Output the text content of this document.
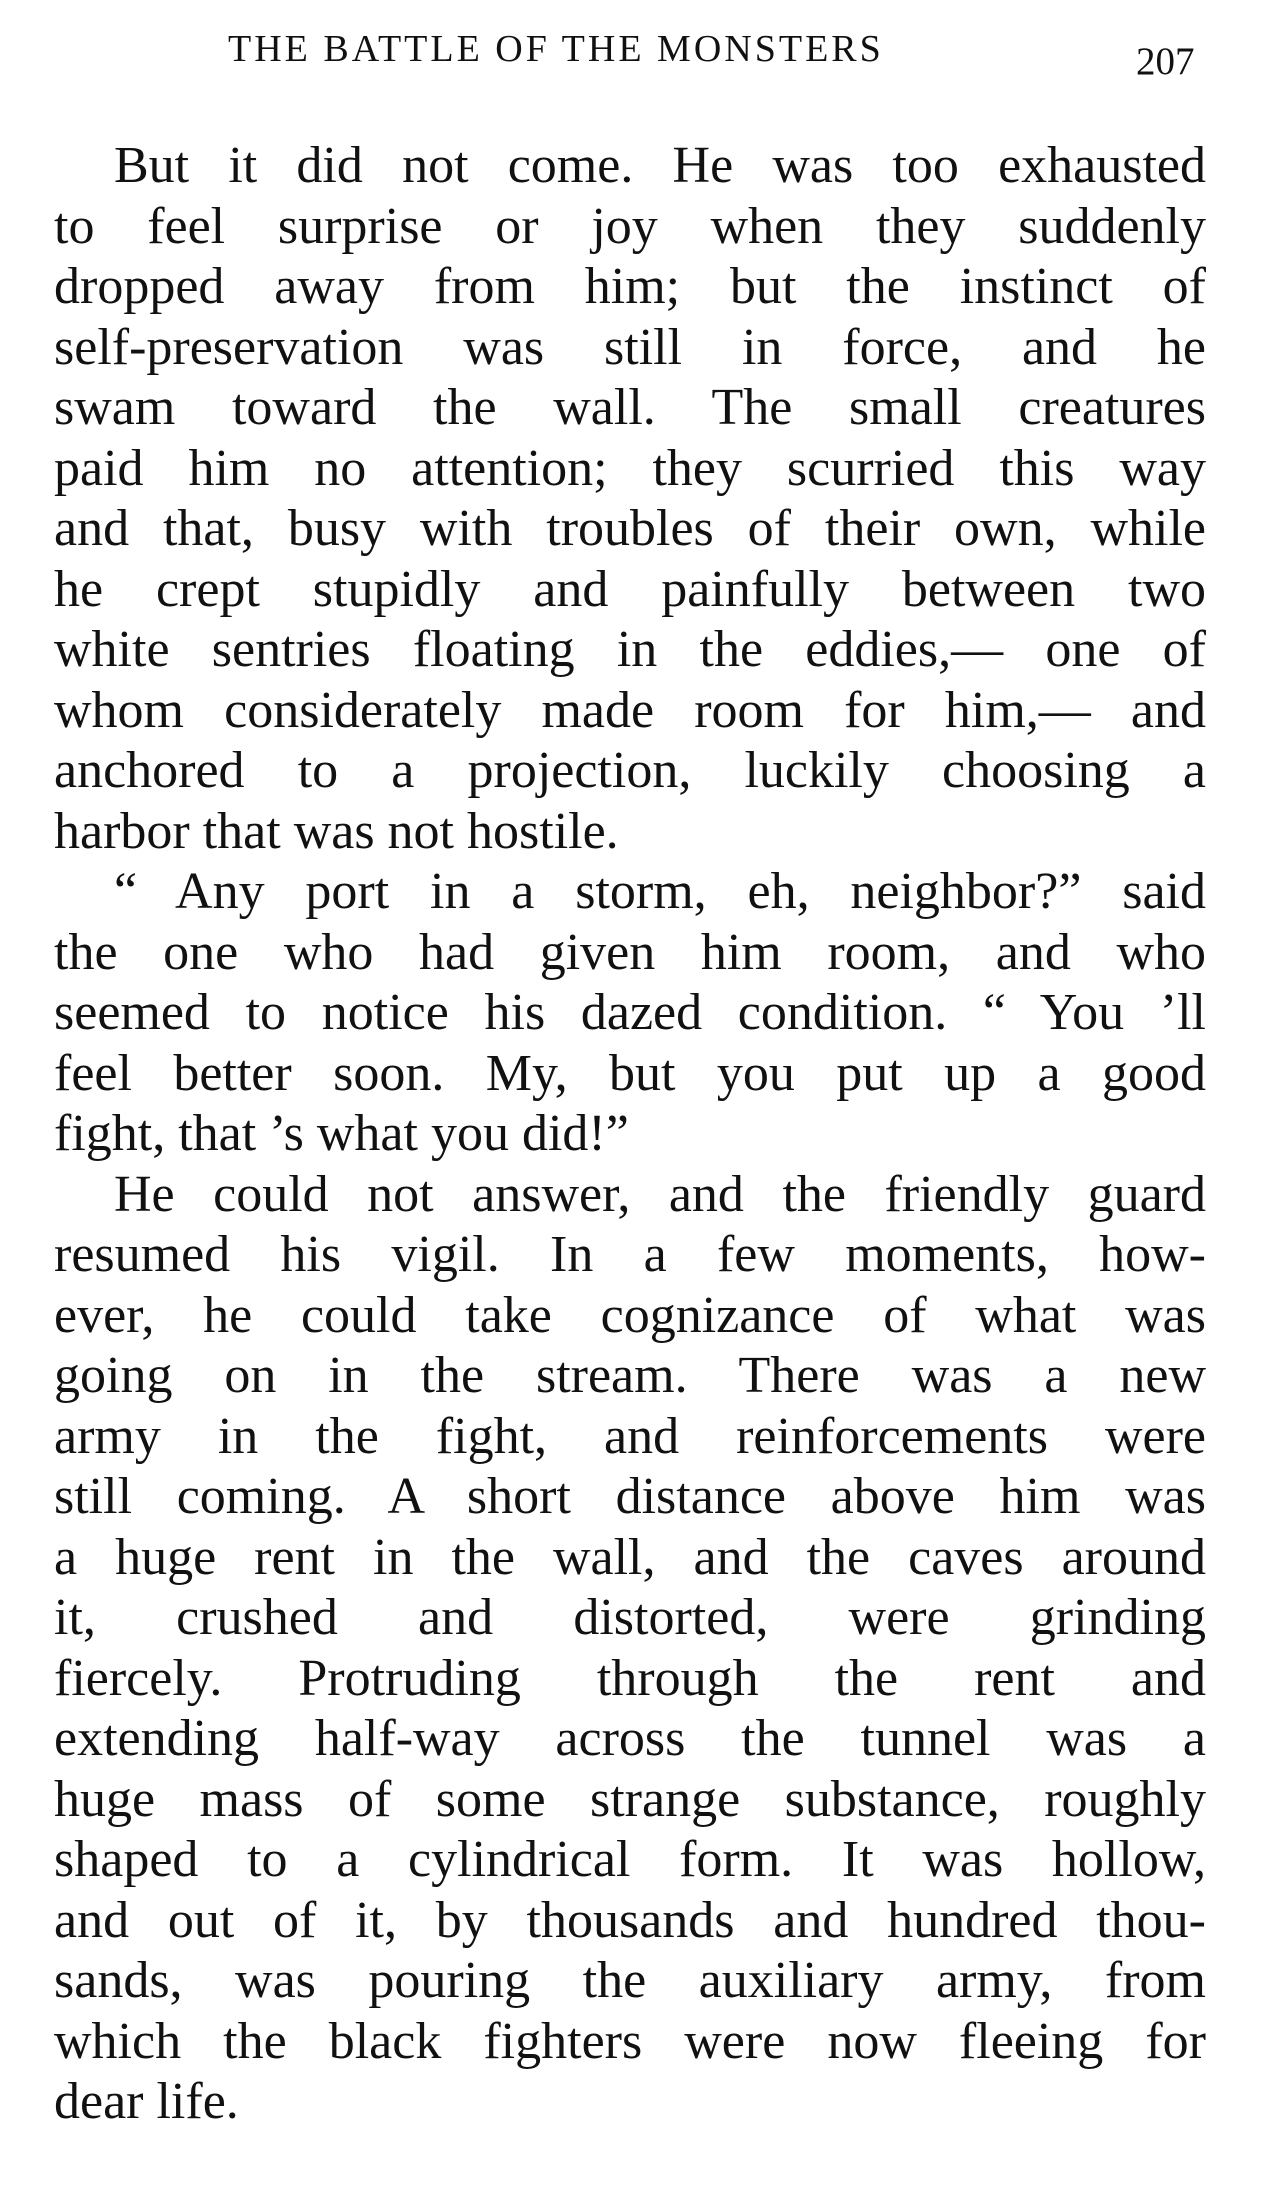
THE BATTLE OF THE MONSTERS	207
But it did not come. He was too exhausted
to feel surprise or joy when they suddenly
dropped away from him; but the instinct of
self-preservation was still in force, and he
swam toward the wall. The small creatures
paid him no attention; they scurried this way
and that, busy with troubles of their own, while
he crept stupidly and painfully between two
white sentries floating in the eddies,— one of
whom considerately made room for him,— and
anchored to a projection, luckily choosing a
harbor that was not hostile.
“ Any port in a storm, eh, neighbor?” said
the one who had given him room, and who
seemed to notice his dazed condition. “ You ’ll
feel better soon. My, but you put up a good
fight, that ’s what you did!”
He could not answer, and the friendly guard
resumed his vigil. In a few moments, how-
ever, he could take cognizance of what was
going on in the stream. There was a new
army in the fight, and reinforcements were
still coming. A short distance above him was
a huge rent in the wall, and the caves around
it, crushed and distorted, were grinding
fiercely. Protruding through the rent and
extending half-way across the tunnel was a
huge mass of some strange substance, roughly
shaped to a cylindrical form. It was hollow,
and out of it, by thousands and hundred thou-
sands, was pouring the auxiliary army, from
which the black fighters were now fleeing for
dear life.
